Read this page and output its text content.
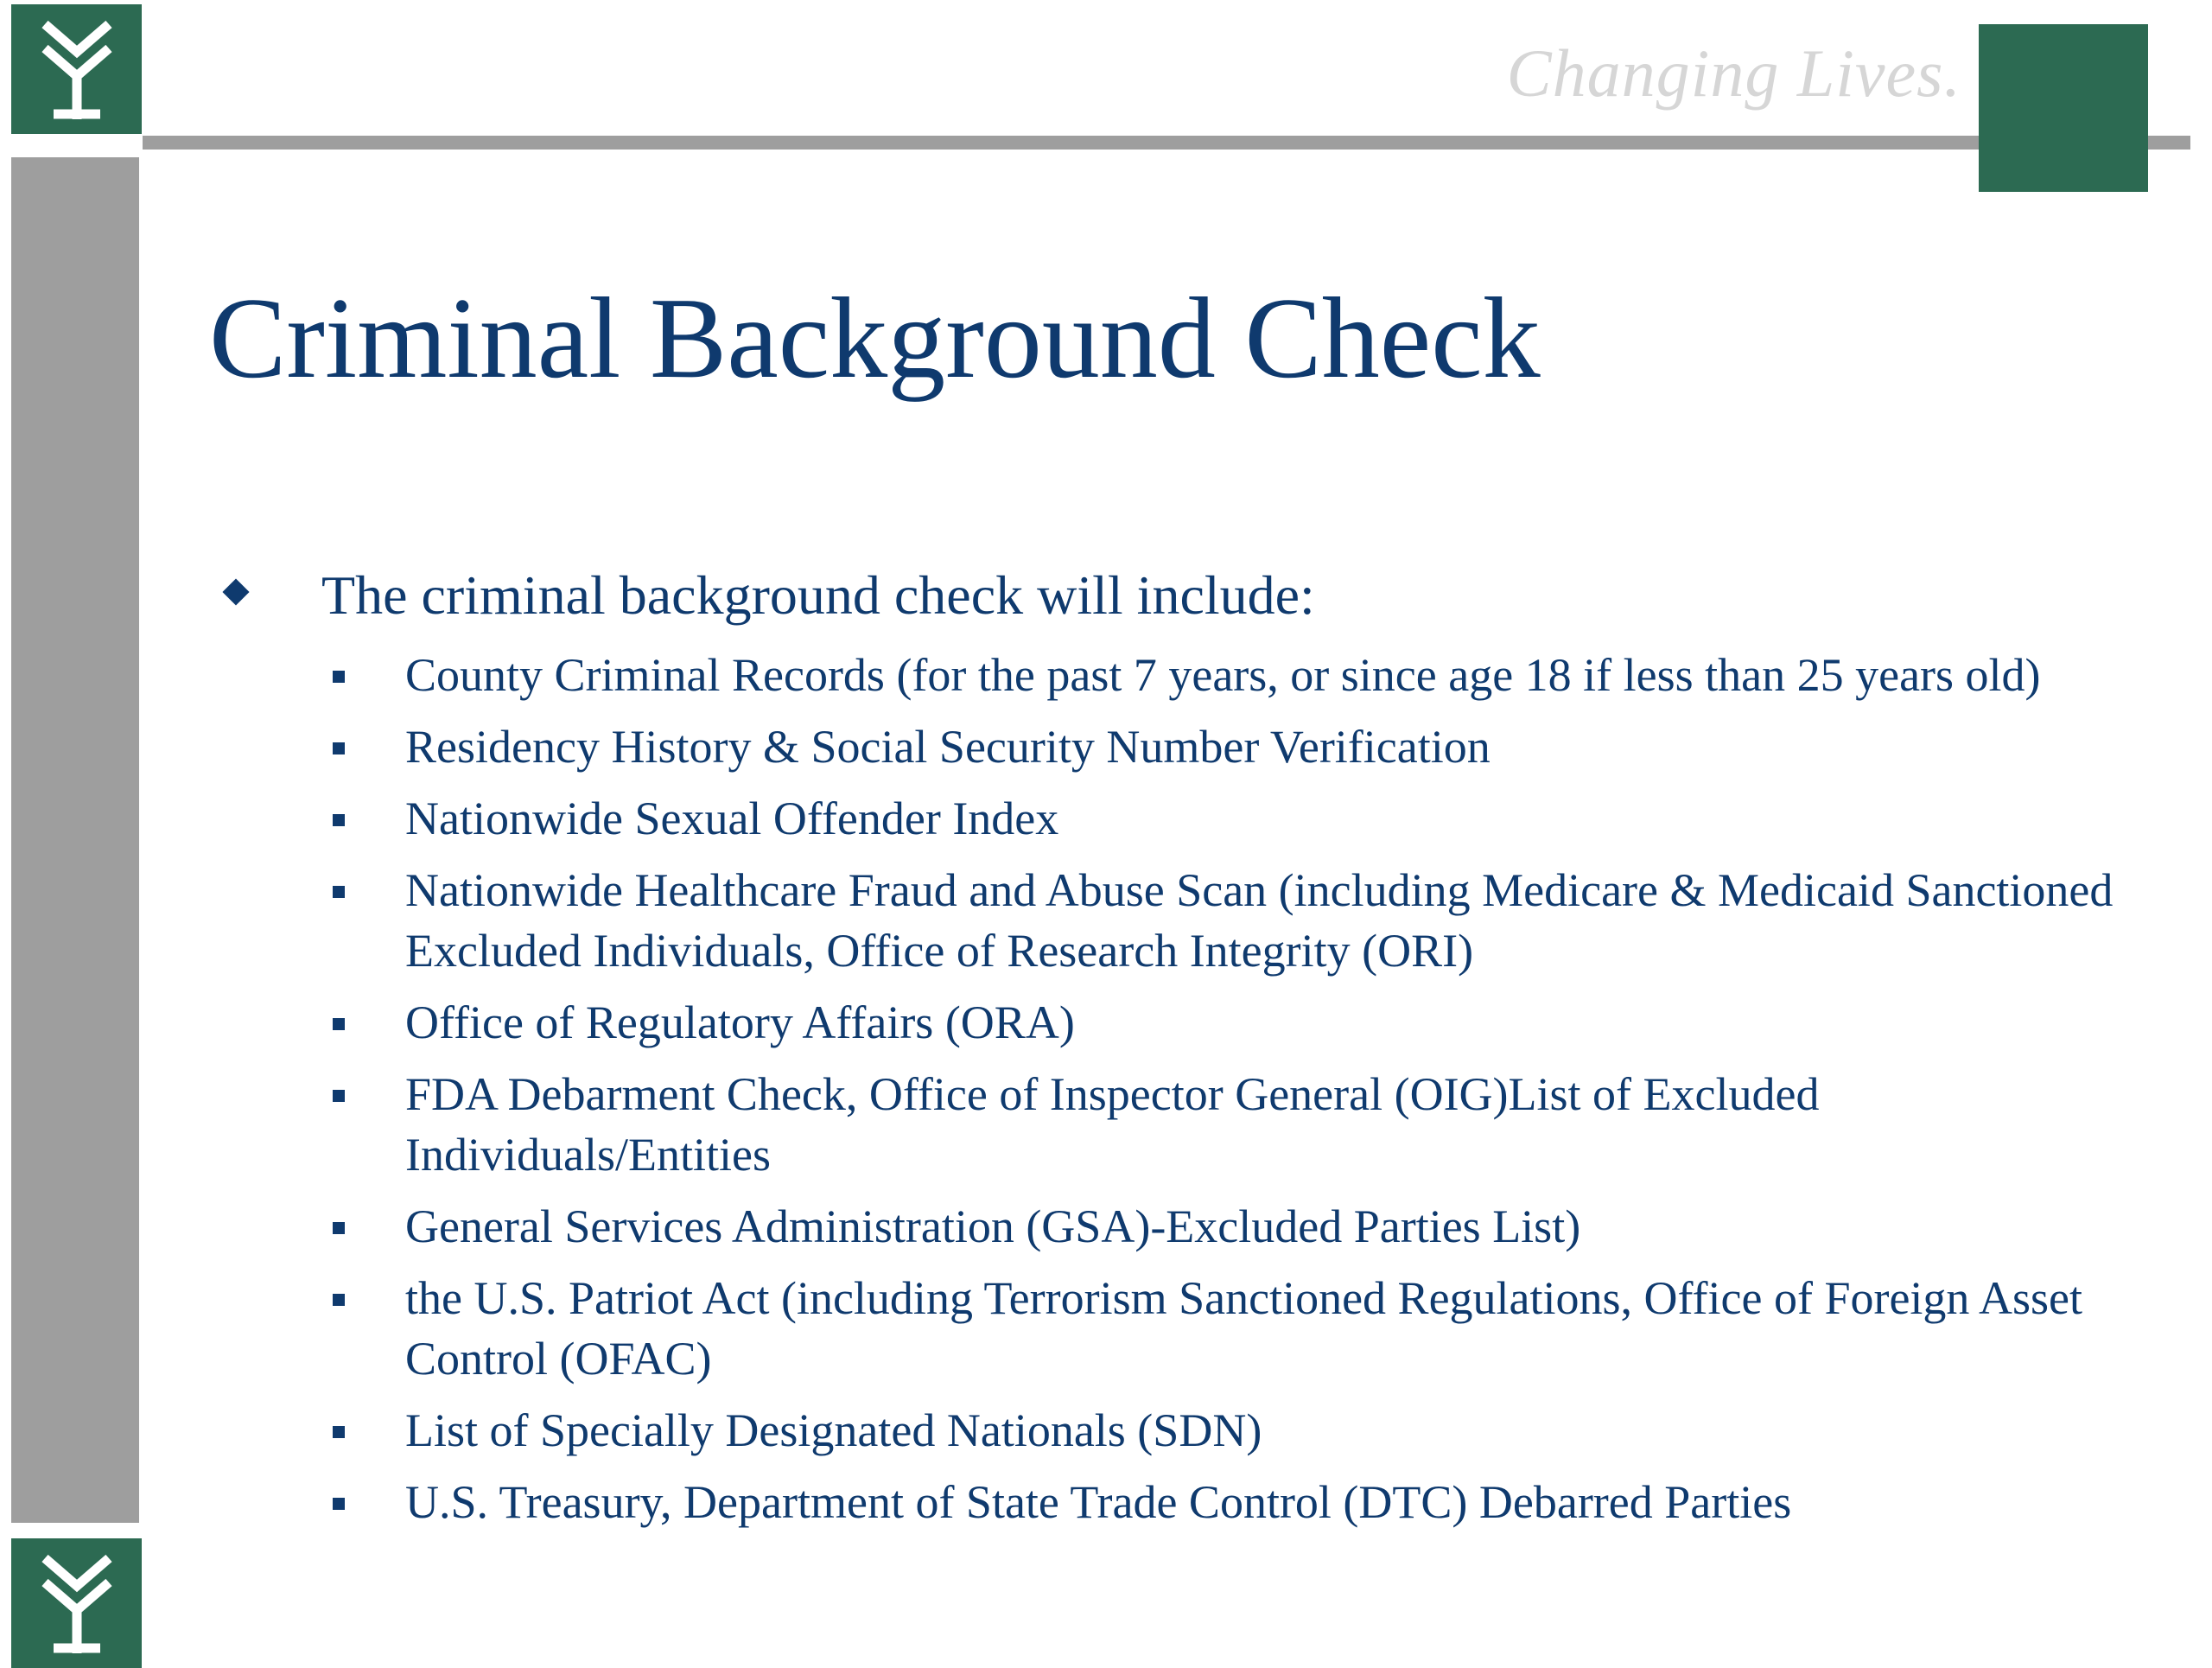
Changing Lives.
Criminal Background Check
The criminal background check will include:
County Criminal Records (for the past 7 years, or since age 18 if less than 25 years old)
Residency History & Social Security Number Verification
Nationwide Sexual Offender Index
Nationwide Healthcare Fraud and Abuse Scan (including Medicare & Medicaid Sanctioned Excluded Individuals, Office of Research Integrity (ORI)
Office of Regulatory Affairs (ORA)
FDA Debarment Check, Office of Inspector General (OIG)List of Excluded Individuals/Entities
General Services Administration (GSA)-Excluded Parties List)
the U.S. Patriot Act (including Terrorism Sanctioned Regulations, Office of Foreign Asset Control (OFAC)
List of Specially Designated Nationals (SDN)
U.S. Treasury, Department of State Trade Control (DTC) Debarred Parties
